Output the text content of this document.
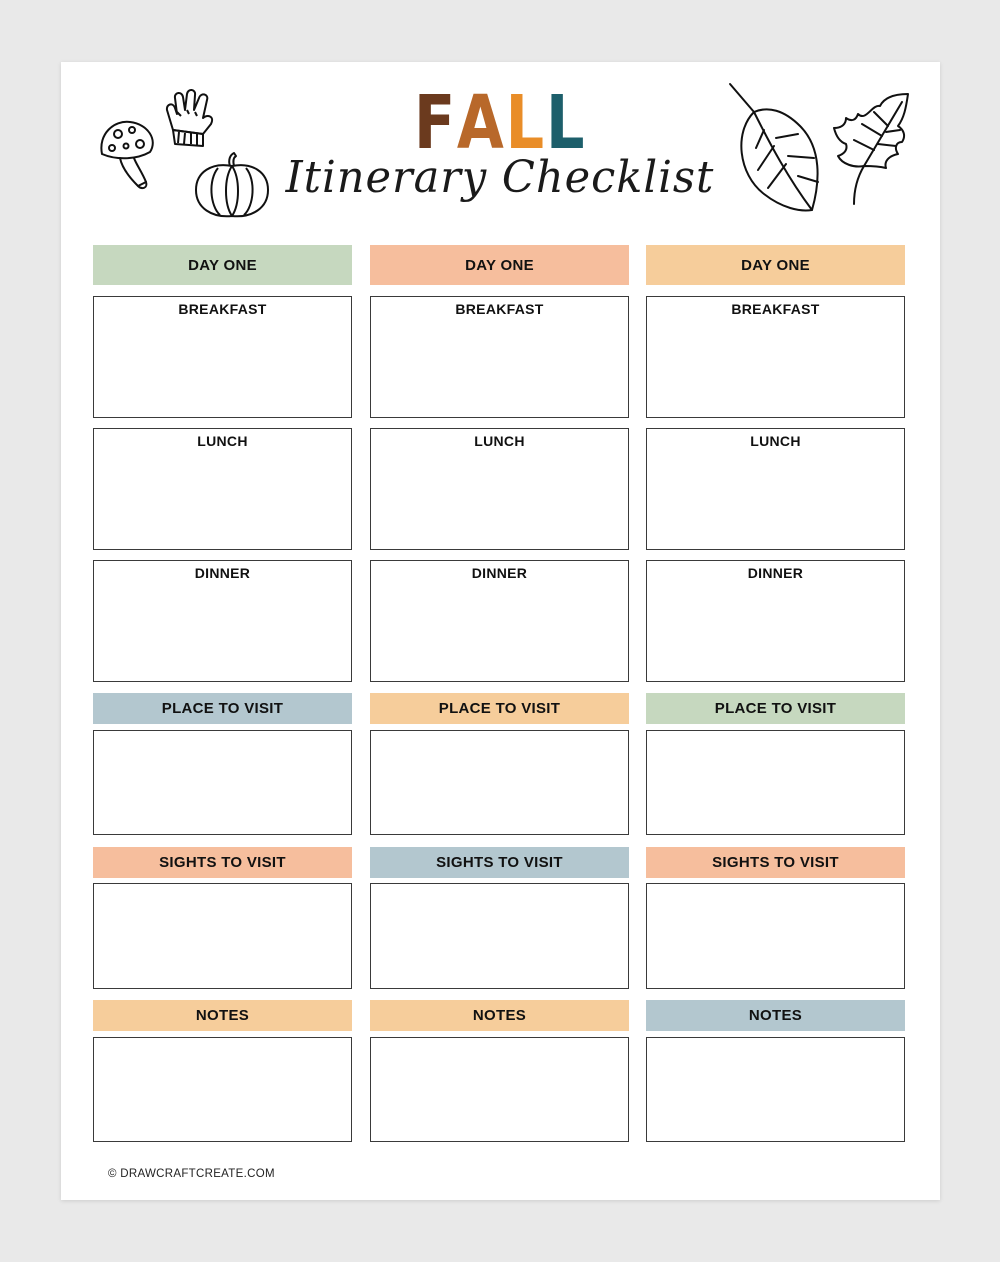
FALL
Itinerary Checklist
DAY ONE
BREAKFAST
LUNCH
DINNER
PLACE TO VISIT
SIGHTS TO VISIT
NOTES
DAY ONE
BREAKFAST
LUNCH
DINNER
PLACE TO VISIT
SIGHTS TO VISIT
NOTES
DAY ONE
BREAKFAST
LUNCH
DINNER
PLACE TO VISIT
SIGHTS TO VISIT
NOTES
© DRAWCRAFTCREATE.COM
